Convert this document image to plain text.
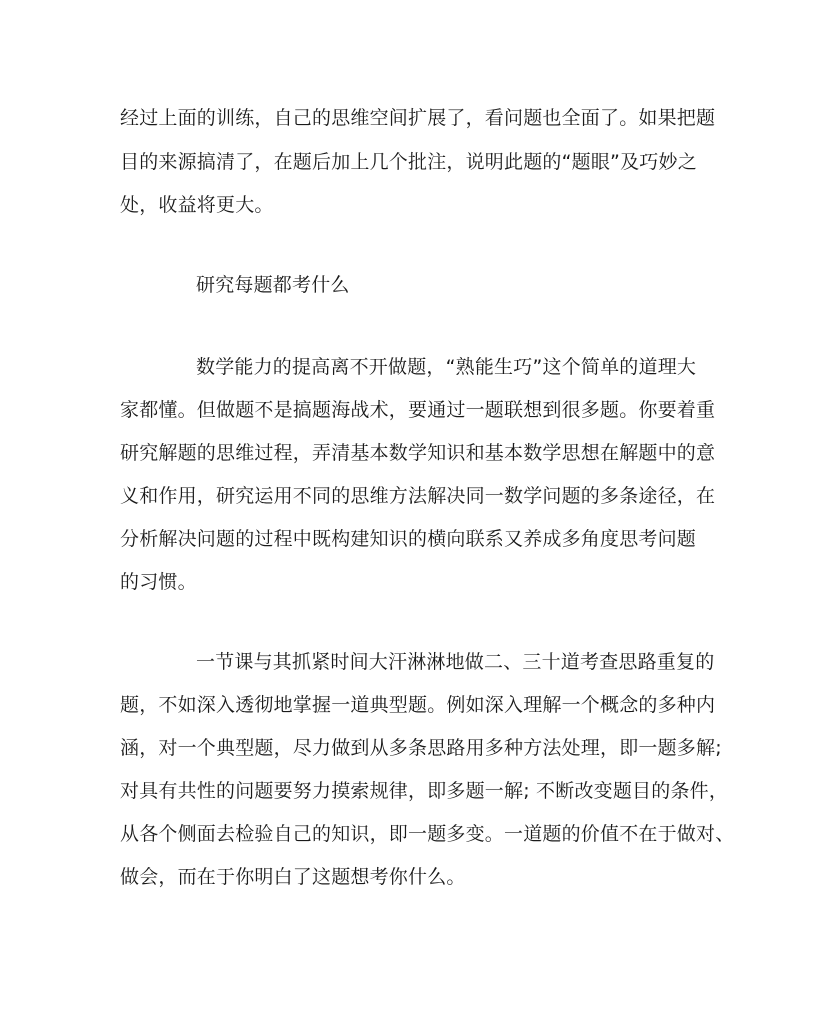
经过上面的训练，自己的思维空间扩展了，看问题也全面了。如果把题
目的来源搞清了，在题后加上几个批注，说明此题的“题眼”及巧妙之
处，收益将更大。
研究每题都考什么
数学能力的提高离不开做题，“熟能生巧”这个简单的道理大
家都懂。但做题不是搞题海战术，要通过一题联想到很多题。你要着重
研究解题的思维过程，弄清基本数学知识和基本数学思想在解题中的意
义和作用，研究运用不同的思维方法解决同一数学问题的多条途径，在
分析解决问题的过程中既构建知识的横向联系又养成多角度思考问题
的习惯。
一节课与其抓紧时间大汗淋淋地做二、三十道考查思路重复的
题，不如深入透彻地掌握一道典型题。例如深入理解一个概念的多种内
涵，对一个典型题，尽力做到从多条思路用多种方法处理，即一题多解;
对具有共性的问题要努力摸索规律，即多题一解; 不断改变题目的条件，
从各个侧面去检验自己的知识，即一题多变。一道题的价值不在于做对、
做会，而在于你明白了这题想考你什么。
